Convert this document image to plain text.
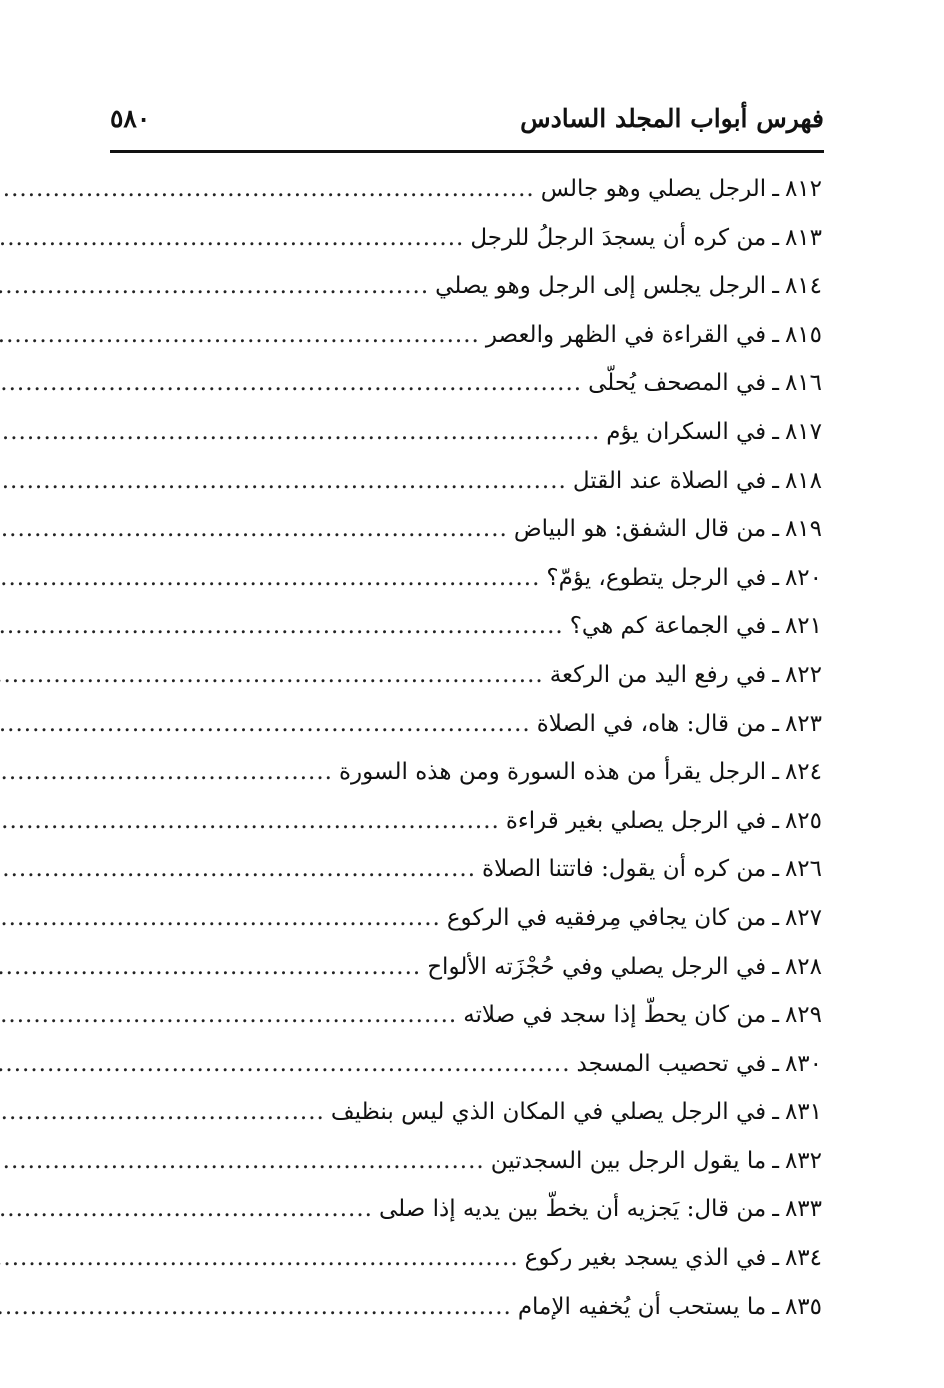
فهرس أبواب المجلد السادس
٥٨٠
٨١٢
ـ
الرجل يصلي وهو جالس
.....
٨١٣
ـ
من كره أن يسجدَ الرجلُ للرجل
.....
٨١٤
ـ
الرجل يجلس إلى الرجل وهو يصلي
.....
٨١٥
ـ
في القراءة في الظهر والعصر
.....
٨١٦
ـ
في المصحف يُحلّى
.....
٨١٧
ـ
في السكران يؤم
.....
٨١٨
ـ
في الصلاة عند القتل
.....
٨١٩
ـ
من قال الشفق: هو البياض
.....
٨٢٠
ـ
في الرجل يتطوع، يؤمّ؟
.....
٨٢١
ـ
في الجماعة كم هي؟
.....
٨٢٢
ـ
في رفع اليد من الركعة
.....
٨٢٣
ـ
من قال: هاه، في الصلاة
.....
٨٢٤
ـ
الرجل يقرأ من هذه السورة ومن هذه السورة
.....
٨٢٥
ـ
في الرجل يصلي بغير قراءة
.....
٨٢٦
ـ
من كره أن يقول: فاتتنا الصلاة
.....
٨٢٧
ـ
من كان يجافي مِرفقيه في الركوع
.....
٨٢٨
ـ
في الرجل يصلي وفي حُجْزَته الألواح
.....
٨٢٩
ـ
من كان يحطّ إذا سجد في صلاته
.....
٨٣٠
ـ
في تحصيب المسجد
.....
٨٣١
ـ
في الرجل يصلي في المكان الذي ليس بنظيف
.....
٨٣٢
ـ
ما يقول الرجل بين السجدتين
.....
٨٣٣
ـ
من قال: يَجزيه أن يخطّ بين يديه إذا صلى
.....
٨٣٤
ـ
في الذي يسجد بغير ركوع
.....
٨٣٥
ـ
ما يستحب أن يُخفيه الإمام
.....
